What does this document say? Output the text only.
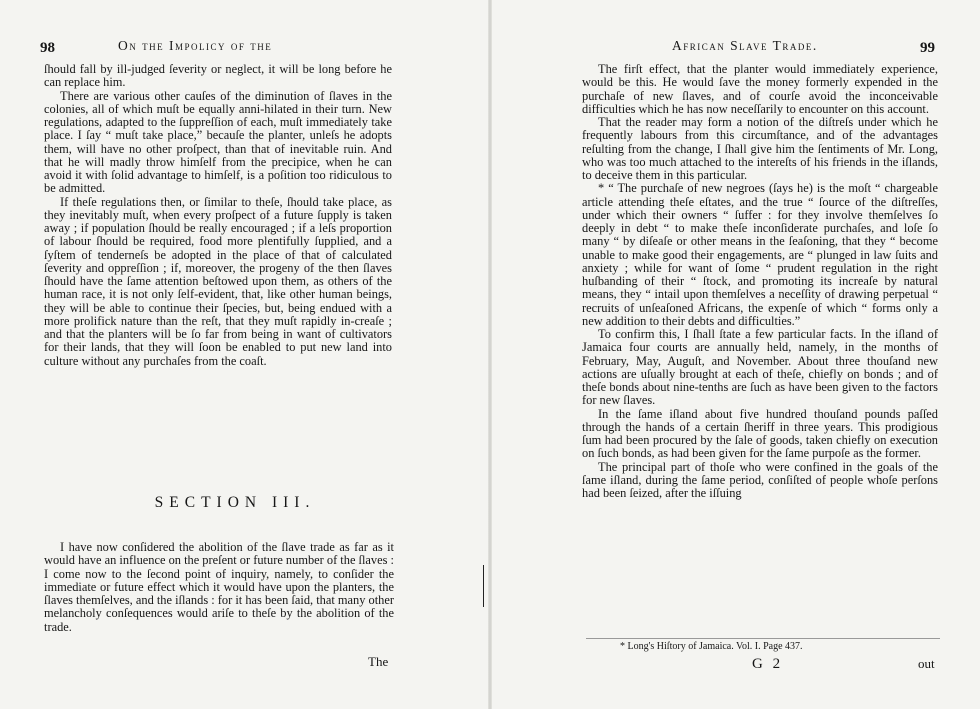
98	On the Impolicy of the

ſhould fall by ill-judged ſeverity or neglect, it will be long before he can replace him.

There are various other cauſes of the diminution of ſlaves in the colonies, all of which muſt be equally anni-hilated in their turn. New regulations, adapted to the ſuppreſſion of each, muſt immediately take place. I ſay “ muſt take place,” becauſe the planter, unleſs he adopts them, will have no other proſpect, than that of inevitable ruin. And that he will madly throw himſelf from the precipice, when he can avoid it with ſolid advantage to himſelf, is a poſition too ridiculous to be admitted.

If theſe regulations then, or ſimilar to theſe, ſhould take place, as they inevitably muſt, when every proſpect of a future ſupply is taken away ; if population ſhould be really encouraged ; if a leſs proportion of labour ſhould be required, food more plentifully ſupplied, and a ſyſtem of tenderneſs be adopted in the place of that of calculated ſeverity and oppreſſion ; if, moreover, the progeny of the then ſlaves ſhould have the ſame attention beſtowed upon them, as others of the human race, it is not only ſelf-evident, that, like other human beings, they will be able to continue their ſpecies, but, being endued with a more prolifick nature than the reſt, that they muſt rapidly in-creaſe ; and that the planters will be ſo far from being in want of cultivators for their lands, that they will ſoon be enabled to put new land into culture without any purchaſes from the coaſt.

SECTION III.

I have now conſidered the abolition of the ſlave trade as far as it would have an influence on the preſent or future number of the ſlaves : I come now to the ſecond point of inquiry, namely, to conſider the immediate or future effect which it would have upon the planters, the ſlaves themſelves, and the iſlands : for it has been ſaid, that many other melancholy conſequences would ariſe to theſe by the abolition of the trade.

The
African Slave Trade.	99

The firſt effect, that the planter would immediately experience, would be this. He would ſave the money formerly expended in the purchaſe of new ſlaves, and of courſe avoid the inconceivable difficulties which he has now neceſſarily to encounter on this account.

That the reader may form a notion of the diſtreſs under which he frequently labours from this circumſtance, and of the advantages reſulting from the change, I ſhall give him the ſentiments of Mr. Long, who was too much attached to the intereſts of his friends in the iſlands, to deceive them in this particular.

* “ The purchaſe of new negroes (ſays he) is the moſt “ chargeable article attending theſe eſtates, and the true “ ſource of the diſtreſſes, under which their owners “ ſuffer : for they involve themſelves ſo deeply in debt “ to make theſe inconſiderate purchaſes, and loſe ſo many “ by diſeaſe or other means in the ſeaſoning, that they “ become unable to make good their engagements, are “ plunged in law ſuits and anxiety ; while for want of ſome “ prudent regulation in the right huſbanding of their “ ſtock, and promoting its increaſe by natural means, they “ intail upon themſelves a neceſſity of drawing perpetual “ recruits of unſeaſoned Africans, the expenſe of which “ forms only a new addition to their debts and difficulties.”

To confirm this, I ſhall ſtate a few particular facts. In the iſland of Jamaica four courts are annually held, namely, in the months of February, May, Auguſt, and November. About three thouſand new actions are uſually brought at each of theſe, chiefly on bonds ; and of theſe bonds about nine-tenths are ſuch as have been given to the factors for new ſlaves.

In the ſame iſland about five hundred thouſand pounds paſſed through the hands of a certain ſheriff in three years. This prodigious ſum had been procured by the ſale of goods, taken chiefly on execution on ſuch bonds, as had been given for the ſame purpoſe as the former.

The principal part of thoſe who were confined in the goals of the ſame iſland, during the ſame period, conſiſted of people whoſe perſons had been ſeized, after the iſſuing

* Long's Hiſtory of Jamaica. Vol. I. Page 437.
G 2	out
